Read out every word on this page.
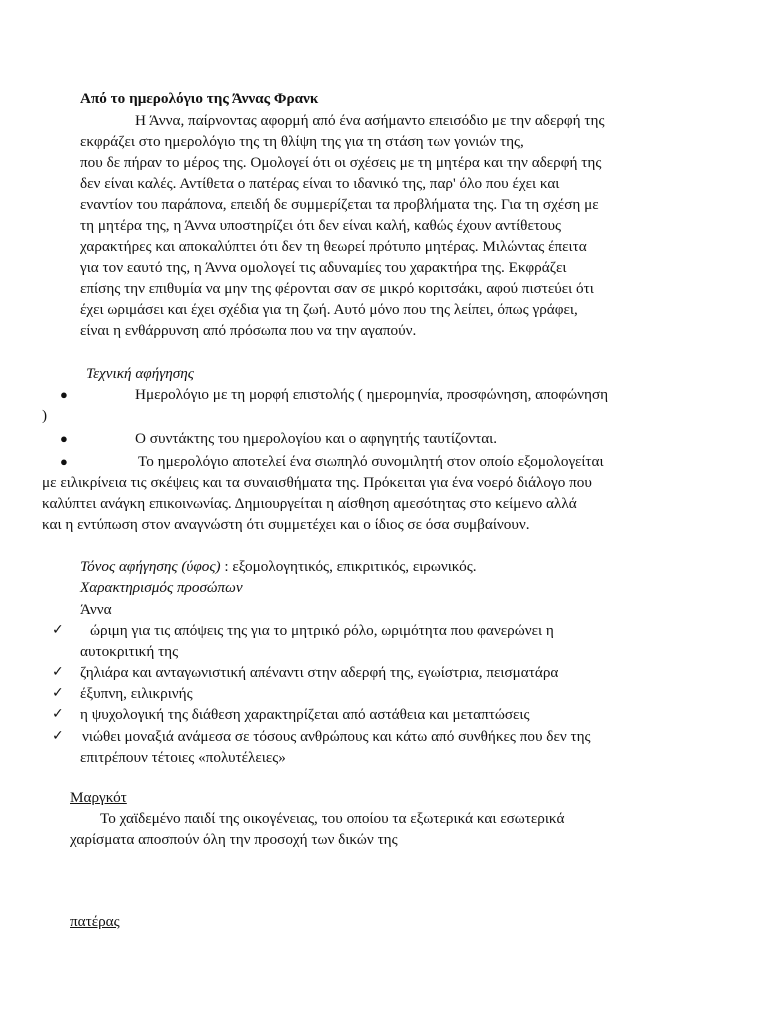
Από το ημερολόγιο της Άννας Φρανκ
Η Άννα, παίρνοντας αφορμή από ένα ασήμαντο επεισόδιο με την αδερφή της
εκφράζει στο ημερολόγιο της τη θλίψη της για τη στάση των γονιών της,
που δε πήραν το μέρος της. Ομολογεί ότι οι σχέσεις με τη μητέρα και την αδερφή της
δεν είναι καλές. Αντίθετα ο πατέρας είναι το ιδανικό της, παρ' όλο που έχει και
εναντίον του παράπονα, επειδή δε συμμερίζεται τα προβλήματα της. Για τη σχέση με
τη μητέρα της, η Άννα υποστηρίζει ότι δεν είναι καλή, καθώς έχουν αντίθετους
χαρακτήρες και αποκαλύπτει ότι δεν τη θεωρεί πρότυπο μητέρας. Μιλώντας έπειτα
για τον εαυτό της, η Άννα ομολογεί τις αδυναμίες του χαρακτήρα της. Εκφράζει
επίσης την επιθυμία να μην της φέρονται σαν σε μικρό κοριτσάκι, αφού πιστεύει ότι
έχει ωριμάσει και έχει σχέδια για τη ζωή. Αυτό μόνο που της λείπει, όπως γράφει,
είναι η ενθάρρυνση από πρόσωπα που να την αγαπούν.
Τεχνική αφήγησης
●	Ημερολόγιο με τη μορφή επιστολής ( ημερομηνία, προσφώνηση, αποφώνηση
)
●	Ο συντάκτης του ημερολογίου και ο αφηγητής ταυτίζονται.
●	Το ημερολόγιο αποτελεί ένα σιωπηλό συνομιλητή στον οποίο εξομολογείται
με ειλικρίνεια τις σκέψεις και τα συναισθήματα της. Πρόκειται για ένα νοερό διάλογο που
καλύπτει ανάγκη επικοινωνίας. Δημιουργείται η αίσθηση αμεσότητας στο κείμενο αλλά
και η εντύπωση στον αναγνώστη ότι συμμετέχει και ο ίδιος σε όσα συμβαίνουν.
Τόνος αφήγησης (ύφος) : εξομολογητικός, επικριτικός, ειρωνικός.
Χαρακτηρισμός προσώπων
Άννα
✓	ώριμη για τις απόψεις της για το μητρικό ρόλο, ωριμότητα που φανερώνει η
αυτοκριτική της
✓ ζηλιάρα και ανταγωνιστική απέναντι στην αδερφή της, εγωίστρια, πεισματάρα
✓ έξυπνη, ειλικρινής
✓ η ψυχολογική της διάθεση χαρακτηρίζεται από αστάθεια και μεταπτώσεις
✓ νιώθει μοναξιά ανάμεσα σε τόσους ανθρώπους και κάτω από συνθήκες που δεν της
επιτρέπουν τέτοιες «πολυτέλειες»
Μαργκότ
Το χαϊδεμένο παιδί της οικογένειας, του οποίου τα εξωτερικά και εσωτερικά
χαρίσματα αποσπούν όλη την προσοχή των δικών της
πατέρας
